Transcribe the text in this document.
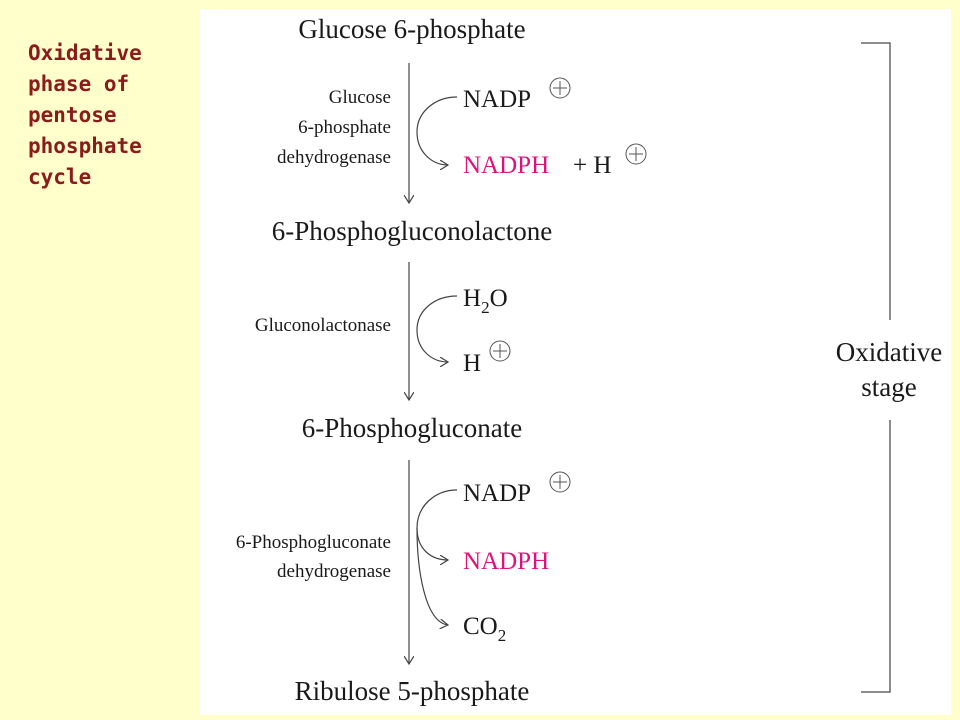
Oxidative
phase of
pentose
phosphate
cycle
Glucose 6-phosphate
6-Phosphogluconolactone
6-Phosphogluconate
Ribulose 5-phosphate
Glucose
6-phosphate
dehydrogenase
NADP
NADPH + H
Gluconolactonase
$H_2O$
H
6-Phosphogluconate
dehydrogenase
NADP
NADPH
$CO_2$
Oxidative
stage
